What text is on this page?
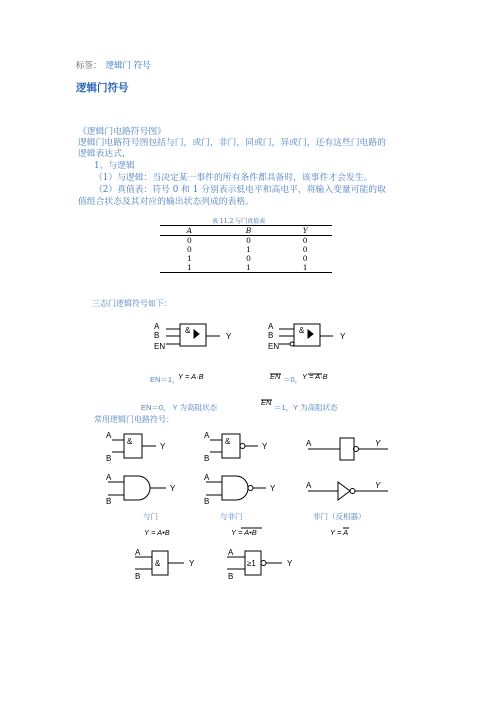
标签： 逻辑门 符号
逻辑门符号
《逻辑门电路符号图》
逻辑门电路符号图包括与门，或门，非门，同或门，异或门，还有这些门电路的
逻辑表达式，
1、与逻辑
（1）与逻辑：当决定某一事件的所有条件都具备时，该事件才会发生。
（2）真值表：符号 0 和 1 分别表示低电平和高电平，将输入变量可能的取
值组合状态及其对应的输出状态列成的表格。
表 11.2 与门真值表
A	B	Y
0	0	0
0	1	0
1	0	0
1	1	1
三态门逻辑符号如下：
A
B
EN
&
Y
A
B
EN
&
Y
&	&
&	≥1
A
B
Y
A
B
Y	A	Y
A
B
Y
A
B
Y	A	Y
A
B
Y
A
B
Y
EN＝1，
Y = A·B	EN ＝0， Y = A·B
EN＝0， Y 为高阻状态
EN
＝1，Y 为高阻状态
常用逻辑门电路符号：
与门	与非门	非门（反相器）
Y = A•B	Y = A•B	Y = A
